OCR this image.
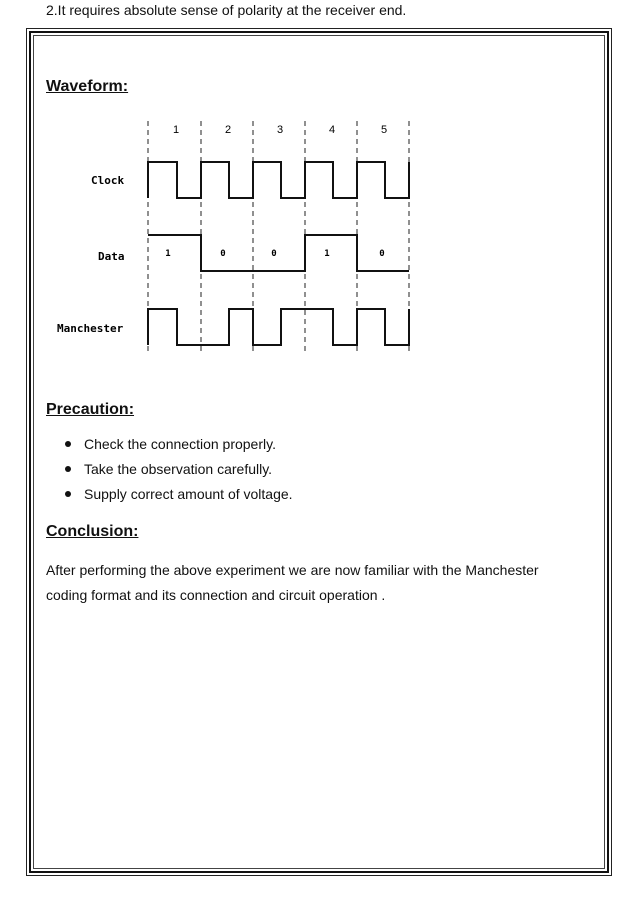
2.It requires absolute sense of polarity at the receiver end.
Waveform:
1	2	3	4	5
Clock
Data	1	0	0	1	0
Manchester
Precaution:
Check the connection properly.
Take the observation carefully.
Supply correct amount of voltage.
Conclusion:
After performing the above experiment we are now familiar with the Manchester
coding format and its connection and circuit operation .
